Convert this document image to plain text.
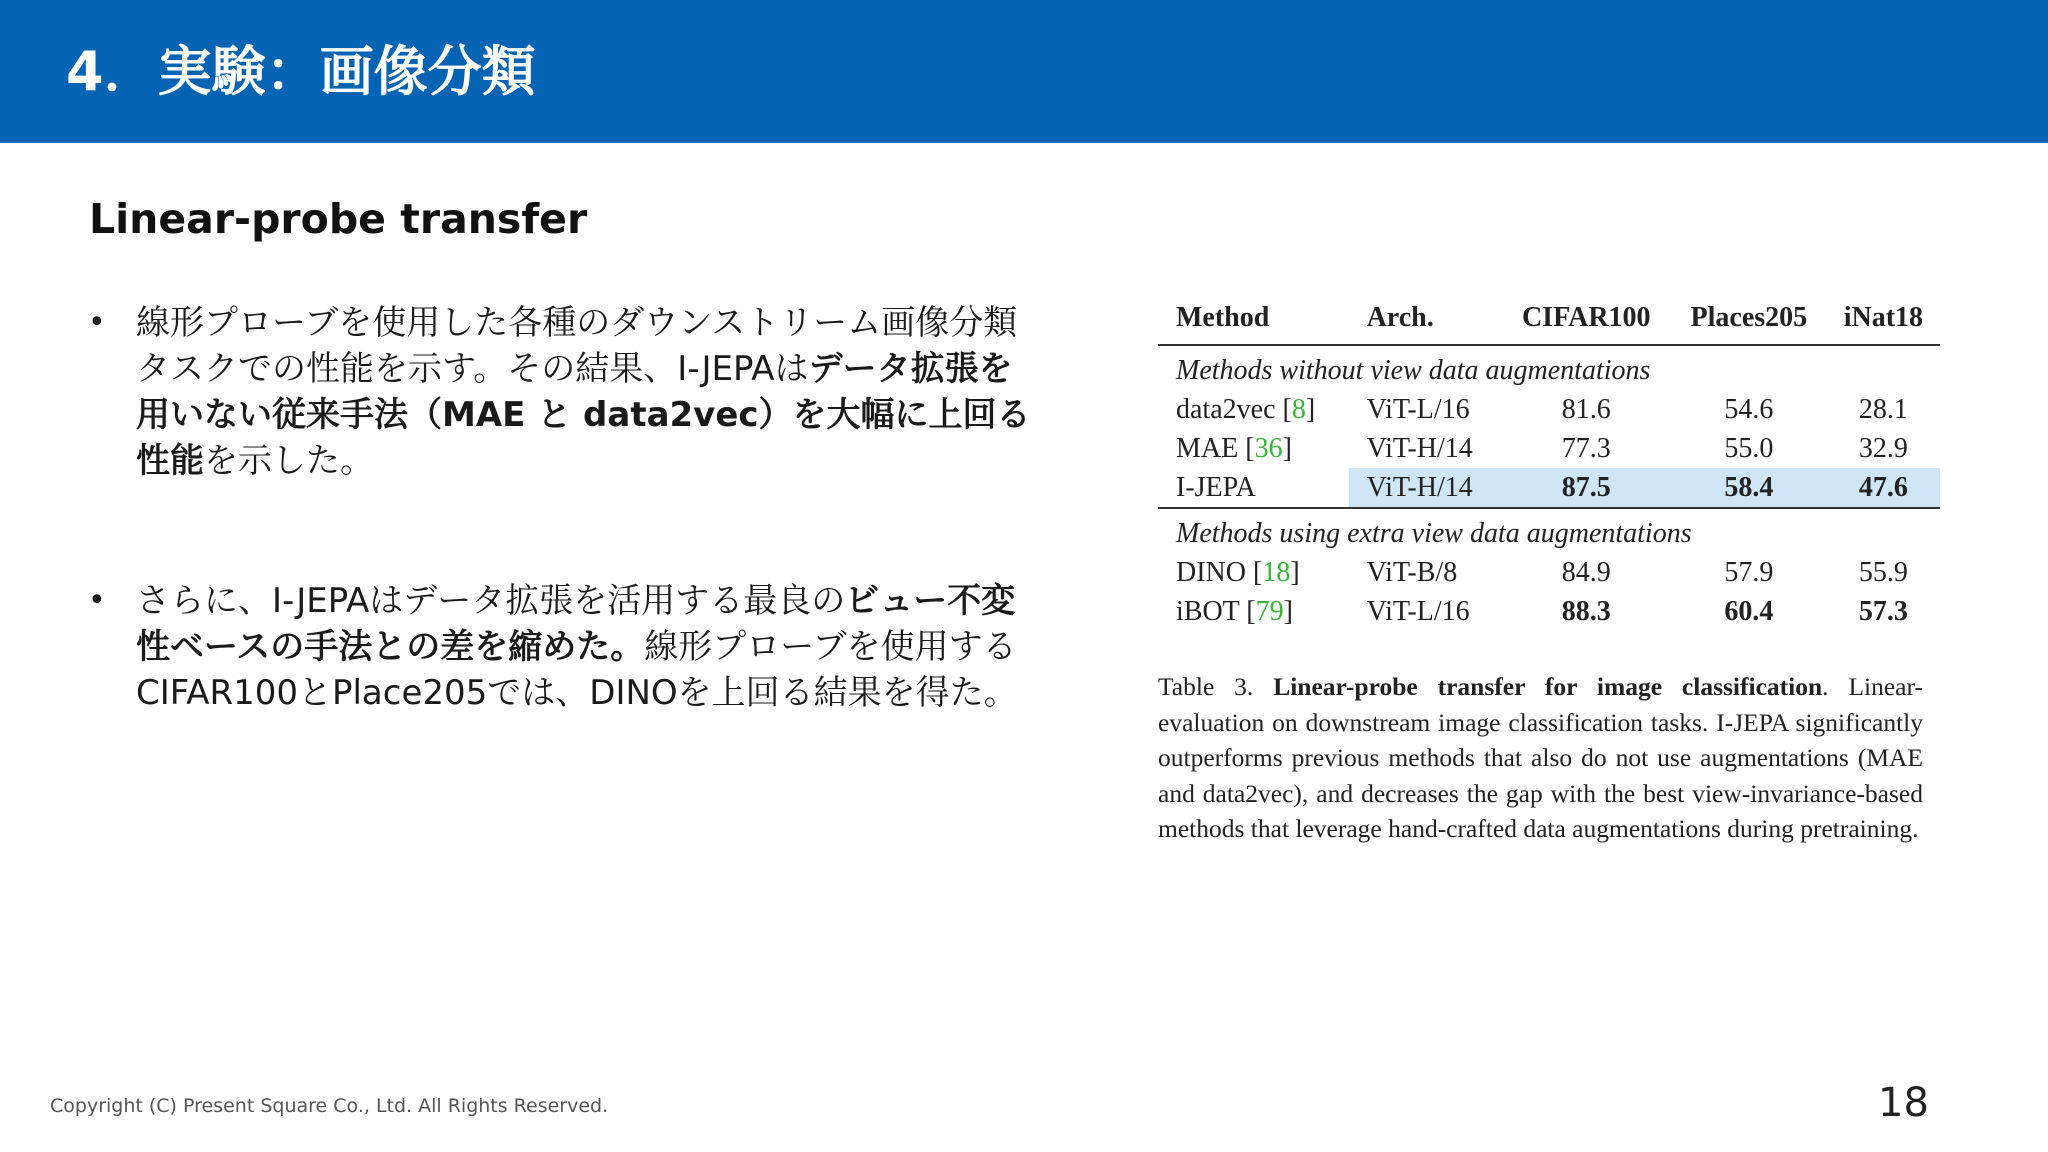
4．実験：画像分類
Linear-probe transfer
• 線形プローブを使用した各種のダウンストリーム画像分類タスクでの性能を示す。その結果、I-JEPAはデータ拡張を用いない従来手法（MAE と data2vec）を大幅に上回る性能を示した。
• さらに、I-JEPAはデータ拡張を活用する最良のビュー不変性ベースの手法との差を縮めた。線形プローブを使用するCIFAR100とPlace205では、DINOを上回る結果を得た。
Method	Arch.	CIFAR100	Places205	iNat18
Methods without view data augmentations				
data2vec [8]	ViT-L/16	81.6	54.6	28.1
MAE [36]	ViT-H/14	77.3	55.0	32.9
I-JEPA	ViT-H/14	87.5	58.4	47.6
Methods using extra view data augmentations				
DINO [18]	ViT-B/8	84.9	57.9	55.9
iBOT [79]	ViT-L/16	88.3	60.4	57.3
Table 3. Linear-probe transfer for image classification. Linear-evaluation on downstream image classification tasks. I-JEPA significantly outperforms previous methods that also do not use augmentations (MAE and data2vec), and decreases the gap with the best view-invariance-based methods that leverage hand-crafted data augmentations during pretraining.
Copyright (C) Present Square Co., Ltd. All Rights Reserved.	18
